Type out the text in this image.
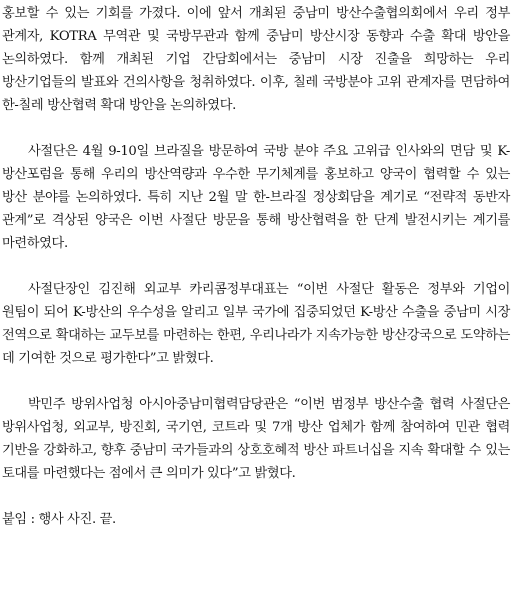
홍보할 수 있는 기회를 가졌다. 이에 앞서 개최된 중남미 방산수출협의회에서 우리 정부 관계자, KOTRA 무역관 및 국방무관과 함께 중남미 방산시장 동향과 수출 확대 방안을 논의하였다. 함께 개최된 기업 간담회에서는 중남미 시장 진출을 희망하는 우리 방산기업들의 발표와 건의사항을 청취하였다. 이후, 칠레 국방분야 고위 관계자를 면담하여 한-칠레 방산협력 확대 방안을 논의하였다.

사절단은 4월 9-10일 브라질을 방문하여 국방 분야 주요 고위급 인사와의 면담 및 K-방산포럼을 통해 우리의 방산역량과 우수한 무기체계를 홍보하고 양국이 협력할 수 있는 방산 분야를 논의하였다. 특히 지난 2월 말 한-브라질 정상회담을 계기로 “전략적 동반자 관계”로 격상된 양국은 이번 사절단 방문을 통해 방산협력을 한 단계 발전시키는 계기를 마련하였다.

사절단장인 김진해 외교부 카리콤정부대표는 “이번 사절단 활동은 정부와 기업이 원팀이 되어 K-방산의 우수성을 알리고 일부 국가에 집중되었던 K-방산 수출을 중남미 시장 전역으로 확대하는 교두보를 마련하는 한편, 우리나라가 지속가능한 방산강국으로 도약하는 데 기여한 것으로 평가한다”고 밝혔다.

박민주 방위사업청 아시아중남미협력담당관은 “이번 범정부 방산수출 협력 사절단은 방위사업청, 외교부, 방진회, 국기연, 코트라 및 7개 방산 업체가 함께 참여하여 민관 협력 기반을 강화하고, 향후 중남미 국가들과의 상호호혜적 방산 파트너십을 지속 확대할 수 있는 토대를 마련했다는 점에서 큰 의미가 있다”고 밝혔다.

붙임 : 행사 사진. 끝.
